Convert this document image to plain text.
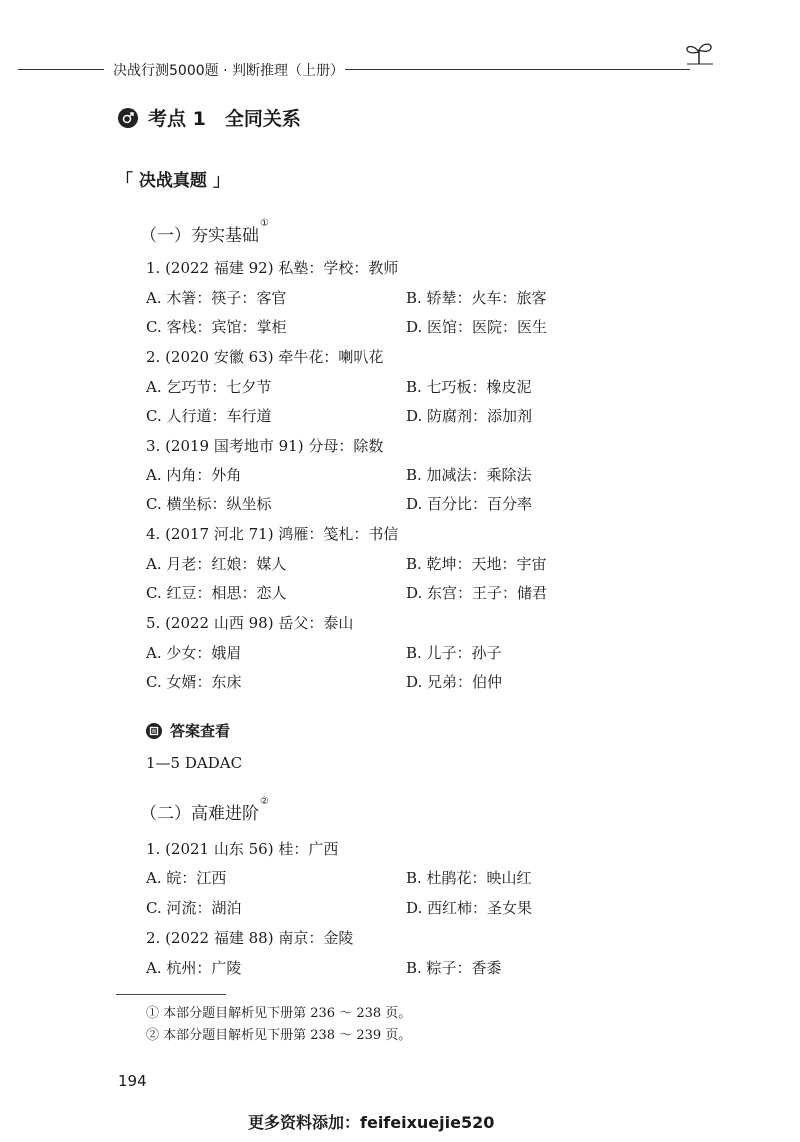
决战行测5000题 · 判断推理（上册）
考点 1　全同关系
「 决战真题 」
（一）夯实基础①
1. (2022 福建 92) 私塾：学校：教师
A. 木箸：筷子：客官	B. 轿辇：火车：旅客
C. 客栈：宾馆：掌柜	D. 医馆：医院：医生
2. (2020 安徽 63) 牵牛花：喇叭花
A. 乞巧节：七夕节	B. 七巧板：橡皮泥
C. 人行道：车行道	D. 防腐剂：添加剂
3. (2019 国考地市 91) 分母：除数
A. 内角：外角	B. 加减法：乘除法
C. 横坐标：纵坐标	D. 百分比：百分率
4. (2017 河北 71) 鸿雁：笺札：书信
A. 月老：红娘：媒人	B. 乾坤：天地：宇宙
C. 红豆：相思：恋人	D. 东宫：王子：储君
5. (2022 山西 98) 岳父：泰山
A. 少女：娥眉	B. 儿子：孙子
C. 女婿：东床	D. 兄弟：伯仲
答案查看
1—5 DADAC
（二）高难进阶②
1. (2021 山东 56) 桂：广西
A. 皖：江西	B. 杜鹃花：映山红
C. 河流：湖泊	D. 西红柿：圣女果
2. (2022 福建 88) 南京：金陵
A. 杭州：广陵	B. 粽子：香黍
① 本部分题目解析见下册第 236 ～ 238 页。
② 本部分题目解析见下册第 238 ～ 239 页。
194
更多资料添加：feifeixuejie520
